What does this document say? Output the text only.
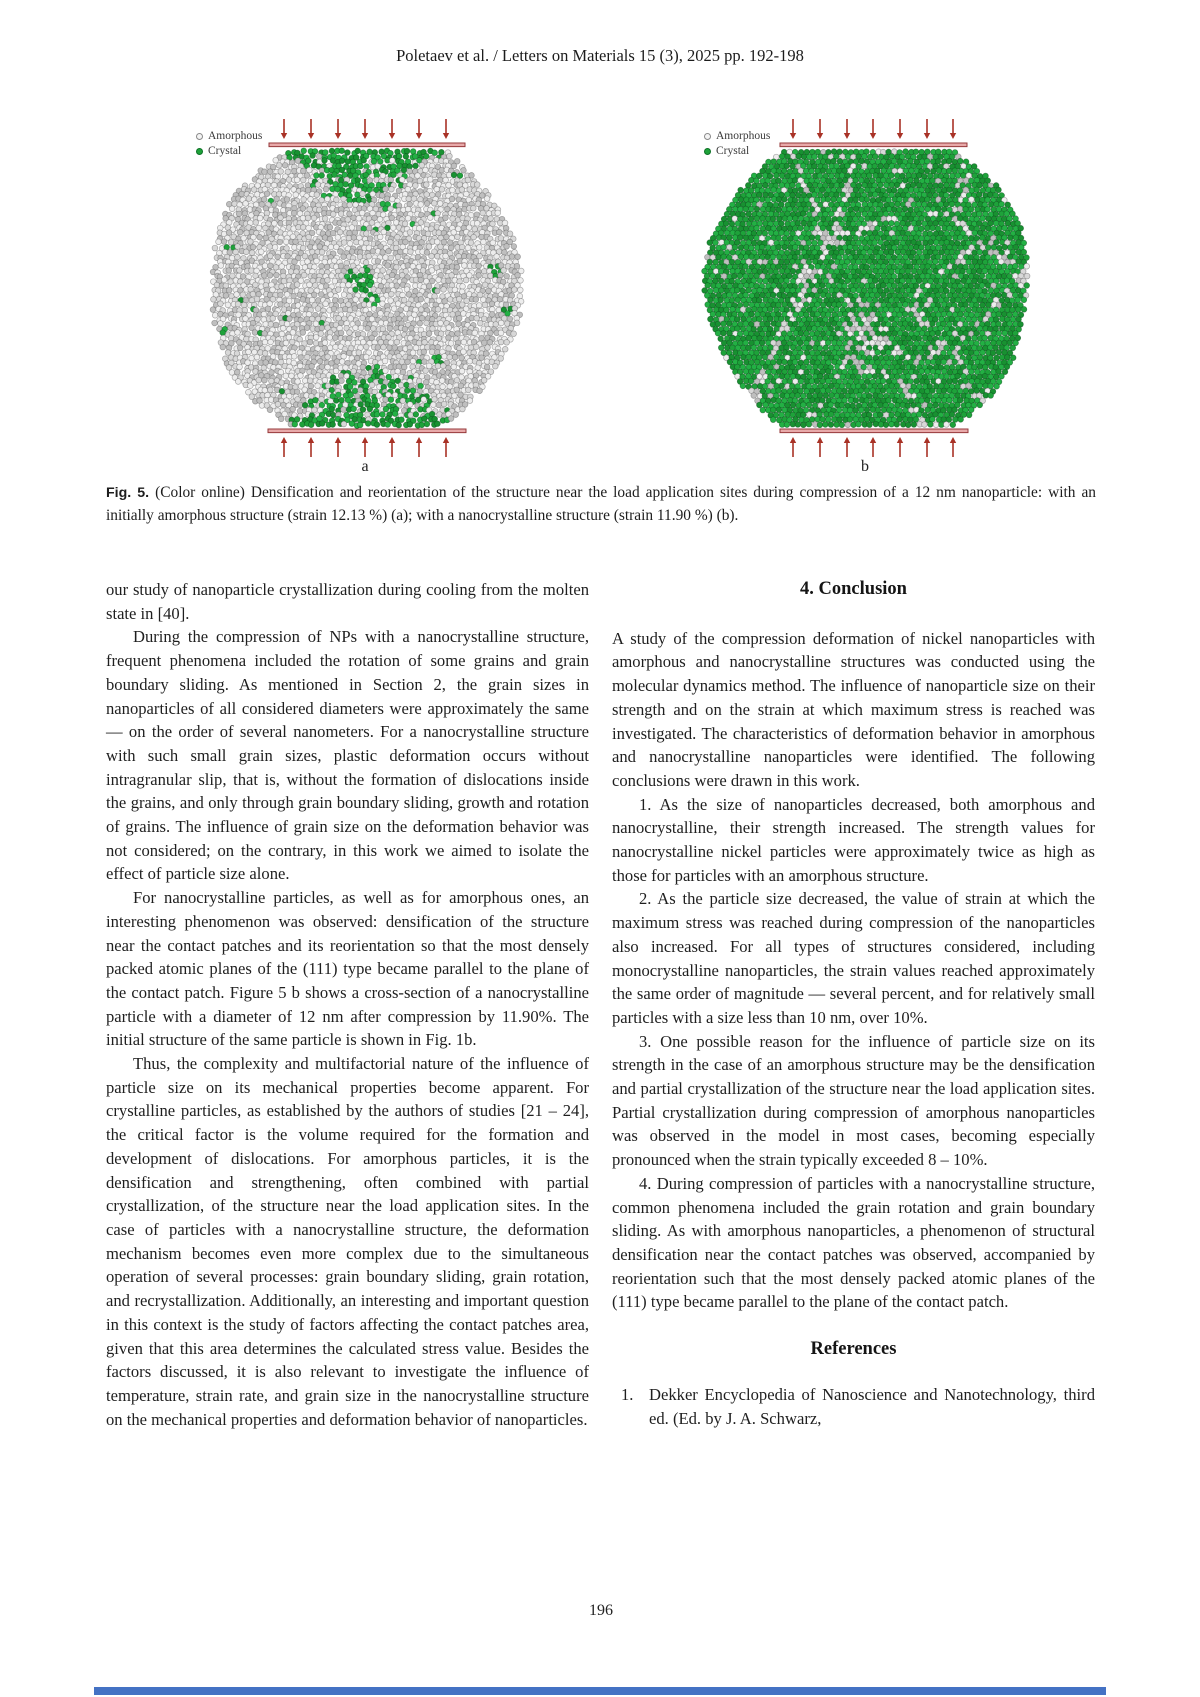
Poletaev et al. / Letters on Materials 15 (3), 2025 pp. 192-198
Amorphous
Crystal
a
Amorphous
Crystal
b

Fig. 5. (Color online) Densification and reorientation of the structure near the load application sites during compression of a 12 nm nanoparticle: with an initially amorphous structure (strain 12.13 %) (a); with a nanocrystalline structure (strain 11.90 %) (b).

our study of nanoparticle crystallization during cooling from the molten state in [40].

During the compression of NPs with a nanocrystalline structure, frequent phenomena included the rotation of some grains and grain boundary sliding. As mentioned in Section 2, the grain sizes in nanoparticles of all considered diameters were approximately the same — on the order of several nanometers. For a nanocrystalline structure with such small grain sizes, plastic deformation occurs without intragranular slip, that is, without the formation of dislocations inside the grains, and only through grain boundary sliding, growth and rotation of grains. The influence of grain size on the deformation behavior was not considered; on the contrary, in this work we aimed to isolate the effect of particle size alone.

For nanocrystalline particles, as well as for amorphous ones, an interesting phenomenon was observed: densification of the structure near the contact patches and its reorientation so that the most densely packed atomic planes of the (111) type became parallel to the plane of the contact patch. Figure 5 b shows a cross-section of a nanocrystalline particle with a diameter of 12 nm after compression by 11.90%. The initial structure of the same particle is shown in Fig. 1b.

Thus, the complexity and multifactorial nature of the influence of particle size on its mechanical properties become apparent. For crystalline particles, as established by the authors of studies [21 – 24], the critical factor is the volume required for the formation and development of dislocations. For amorphous particles, it is the densification and strengthening, often combined with partial crystallization, of the structure near the load application sites. In the case of particles with a nanocrystalline structure, the deformation mechanism becomes even more complex due to the simultaneous operation of several processes: grain boundary sliding, grain rotation, and recrystallization. Additionally, an interesting and important question in this context is the study of factors affecting the contact patches area, given that this area determines the calculated stress value. Besides the factors discussed, it is also relevant to investigate the influence of temperature, strain rate, and grain size in the nanocrystalline structure on the mechanical properties and deformation behavior of nanoparticles.

4. Conclusion

A study of the compression deformation of nickel nanoparticles with amorphous and nanocrystalline structures was conducted using the molecular dynamics method. The influence of nanoparticle size on their strength and on the strain at which maximum stress is reached was investigated. The characteristics of deformation behavior in amorphous and nanocrystalline nanoparticles were identified. The following conclusions were drawn in this work.

1. As the size of nanoparticles decreased, both amorphous and nanocrystalline, their strength increased. The strength values for nanocrystalline nickel particles were approximately twice as high as those for particles with an amorphous structure.

2. As the particle size decreased, the value of strain at which the maximum stress was reached during compression of the nanoparticles also increased. For all types of structures considered, including monocrystalline nanoparticles, the strain values reached approximately the same order of magnitude — several percent, and for relatively small particles with a size less than 10 nm, over 10%.

3. One possible reason for the influence of particle size on its strength in the case of an amorphous structure may be the densification and partial crystallization of the structure near the load application sites. Partial crystallization during compression of amorphous nanoparticles was observed in the model in most cases, becoming especially pronounced when the strain typically exceeded 8 – 10%.

4. During compression of particles with a nanocrystalline structure, common phenomena included the grain rotation and grain boundary sliding. As with amorphous nanoparticles, a phenomenon of structural densification near the contact patches was observed, accompanied by reorientation such that the most densely packed atomic planes of the (111) type became parallel to the plane of the contact patch.

References

1. Dekker Encyclopedia of Nanoscience and Nanotechnology, third ed. (Ed. by J. A. Schwarz,

196
